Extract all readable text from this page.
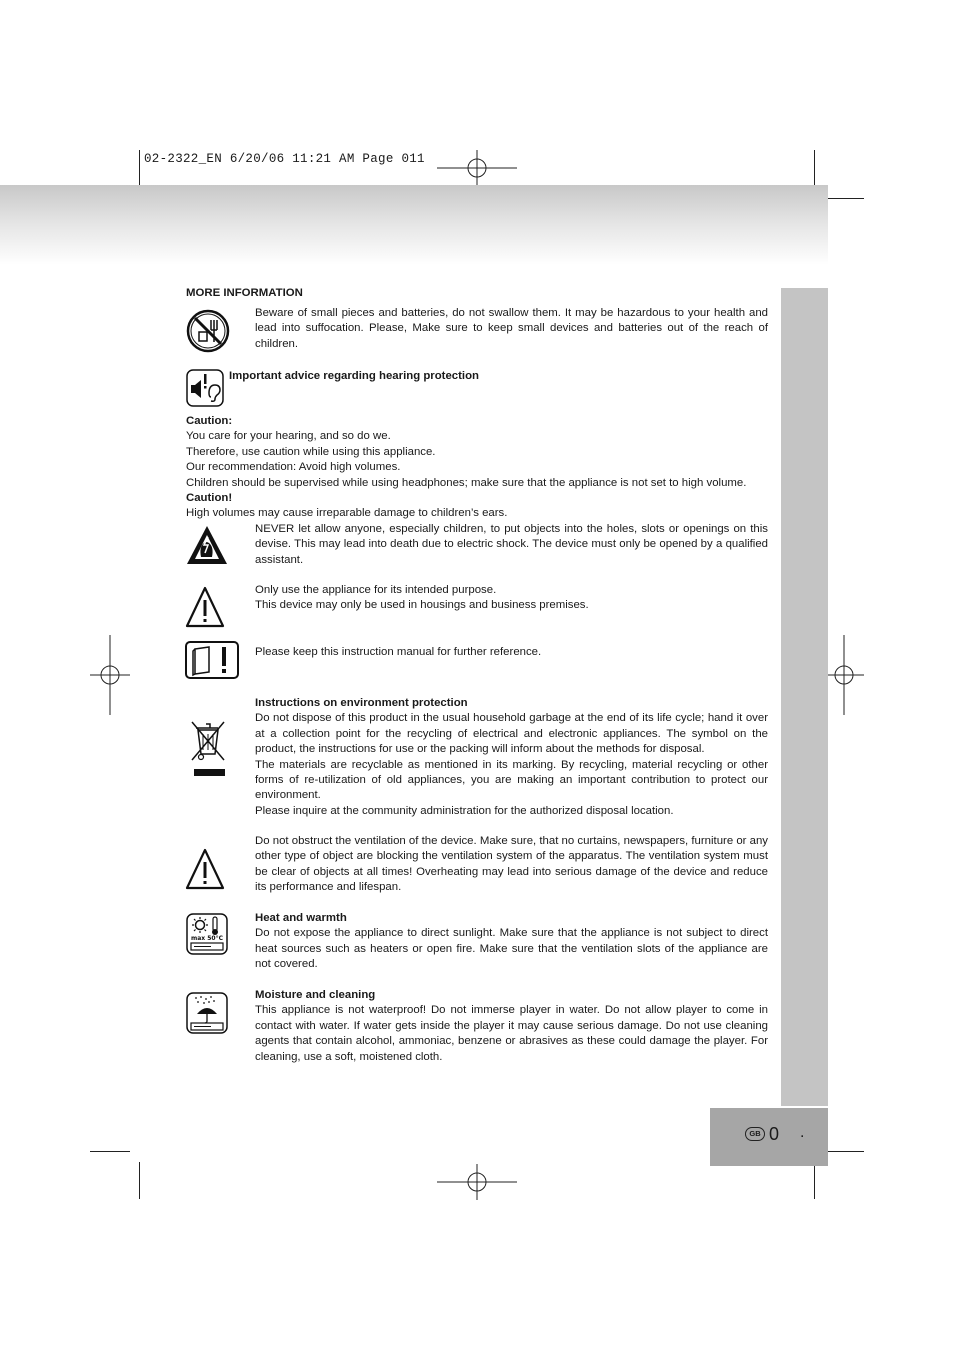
02-2322_EN 6/20/06 11:21 AM Page 011
GB 0 .
MORE INFORMATION

Beware of small pieces and batteries, do not swallow them. It may be hazardous to your health and lead into suffocation. Please, Make sure to keep small devices and batteries out of the reach of children.

Important advice regarding hearing protection

Caution:

You care for your hearing, and so do we.

Therefore, use caution while using this appliance.

Our recommendation: Avoid high volumes.

Children should be supervised while using headphones; make sure that the appliance is not set to high volume.

Caution!

High volumes may cause irreparable damage to children’s ears.

NEVER let allow anyone, especially children, to put objects into the holes, slots or openings on this devise. This may lead into death due to electric shock. The device must only be opened by a qualified assistant.

Only use the appliance for its intended purpose.

This device may only be used in housings and business premises.

Please keep this instruction manual for further reference.

Instructions on environment protection

Do not dispose of this product in the usual household garbage at the end of its life cycle; hand it over at a collection point for the recycling of electrical and electronic appliances. The symbol on the product, the instructions for use or the packing will inform about the methods for disposal.

The materials are recyclable as mentioned in its marking. By recycling, material recycling or other forms of re-utilization of old appliances, you are making an important contribution to protect our environment.

Please inquire at the community administration for the authorized disposal location.

Do not obstruct the ventilation of the device. Make sure, that no curtains, newspapers, furniture or any other type of object are blocking the ventilation system of the apparatus. The ventilation system must be clear of objects at all times! Overheating may lead into serious damage of the device and reduce its performance and lifespan.

max 50°C

Heat and warmth

Do not expose the appliance to direct sunlight. Make sure that the appliance is not subject to direct heat sources such as heaters or open fire. Make sure that the ventilation slots of the appliance are not covered.

Moisture and cleaning

This appliance is not waterproof! Do not immerse player in water. Do not allow player to come in contact with water. If water gets inside the player it may cause serious damage. Do not use cleaning agents that contain alcohol, ammoniac, benzene or abrasives as these could damage the player. For cleaning, use a soft, moistened cloth.
